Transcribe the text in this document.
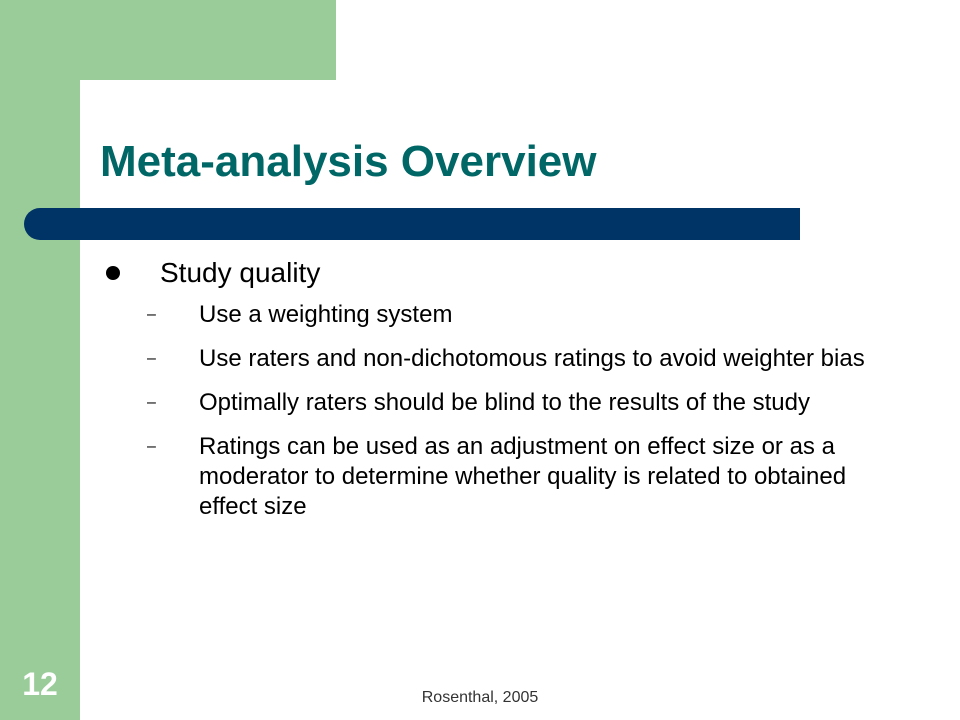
Meta-analysis Overview
Study quality
– Use a weighting system
– Use raters and non-dichotomous ratings to avoid weighter bias
– Optimally raters should be blind to the results of the study
– Ratings can be used as an adjustment on effect size or as a moderator to determine whether quality is related to obtained effect size
12	Rosenthal, 2005
